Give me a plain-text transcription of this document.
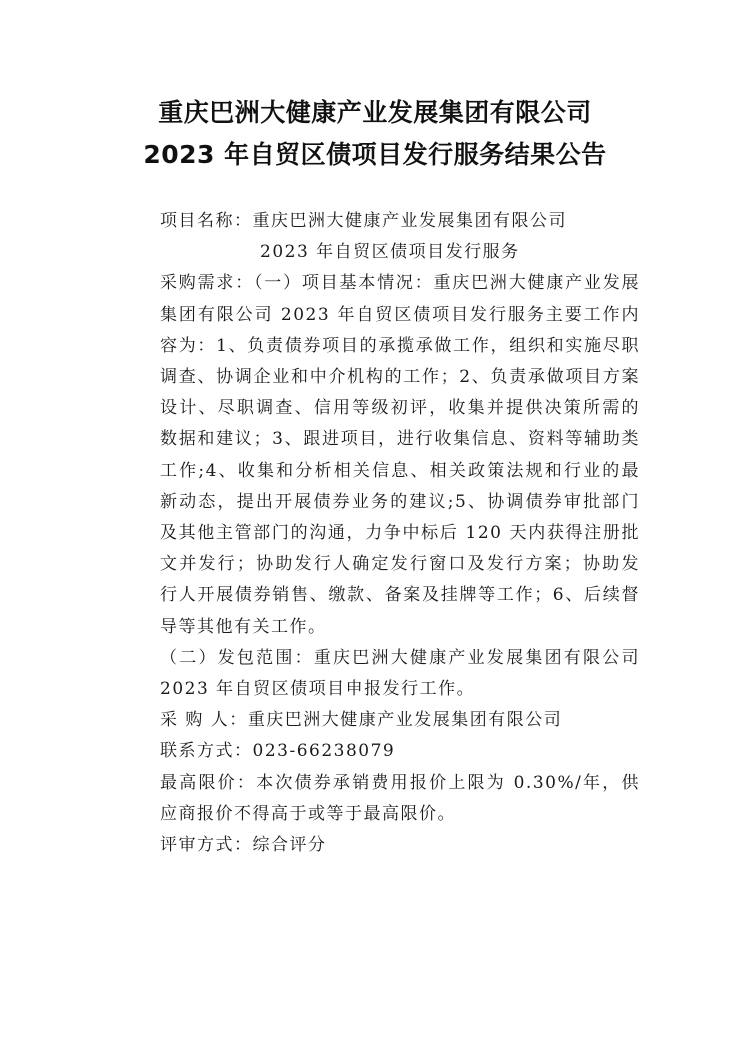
重庆巴洲大健康产业发展集团有限公司
2023 年自贸区债项目发行服务结果公告

项目名称：重庆巴洲大健康产业发展集团有限公司

2023 年自贸区债项目发行服务

采购需求：（一）项目基本情况：重庆巴洲大健康产业发展集团有限公司 2023 年自贸区债项目发行服务主要工作内容为：1、负责债券项目的承揽承做工作，组织和实施尽职调查、协调企业和中介机构的工作；2、负责承做项目方案设计、尽职调查、信用等级初评，收集并提供决策所需的数据和建议；3、跟进项目，进行收集信息、资料等辅助类工作;4、收集和分析相关信息、相关政策法规和行业的最新动态，提出开展债券业务的建议;5、协调债券审批部门及其他主管部门的沟通，力争中标后 120 天内获得注册批文并发行；协助发行人确定发行窗口及发行方案；协助发行人开展债券销售、缴款、备案及挂牌等工作；6、后续督导等其他有关工作。

（二）发包范围：重庆巴洲大健康产业发展集团有限公司 2023 年自贸区债项目申报发行工作。

采 购 人：重庆巴洲大健康产业发展集团有限公司

联系方式：023-66238079

最高限价：本次债券承销费用报价上限为 0.30%/年，供应商报价不得高于或等于最高限价。

评审方式：综合评分
